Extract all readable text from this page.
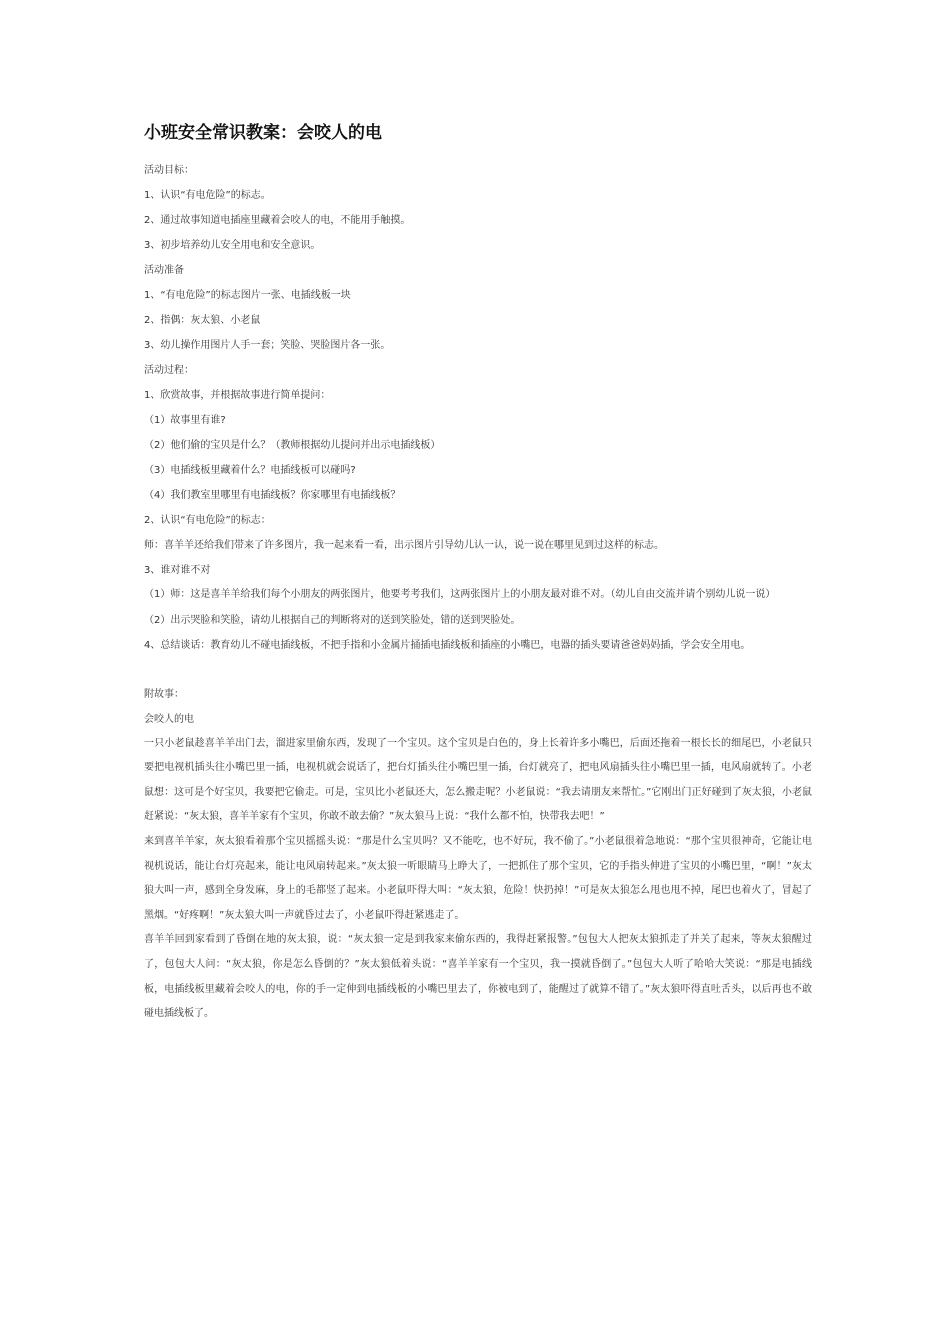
小班安全常识教案：会咬人的电
活动目标：
1、认识“有电危险”的标志。
2、通过故事知道电插座里藏着会咬人的电，不能用手触摸。
3、初步培养幼儿安全用电和安全意识。
活动准备
1、“有电危险”的标志图片一张、电插线板一块
2、指偶：灰太狼、小老鼠
3、幼儿操作用图片人手一套；笑脸、哭脸图片各一张。
活动过程：
1、欣赏故事，并根据故事进行简单提问：
（1）故事里有谁?
（2）他们偷的宝贝是什么？（教师根据幼儿提问并出示电插线板）
（3）电插线板里藏着什么？电插线板可以碰吗?
（4）我们教室里哪里有电插线板？你家哪里有电插线板？
2、认识“有电危险”的标志：
师：喜羊羊还给我们带来了许多图片，我一起来看一看，出示图片引导幼儿认一认，说一说在哪里见到过这样的标志。
3、谁对谁不对
（1）师：这是喜羊羊给我们每个小朋友的两张图片，他要考考我们，这两张图片上的小朋友最对谁不对。（幼儿自由交流并请个别幼儿说一说）
（2）出示哭脸和笑脸，请幼儿根据自己的判断将对的送到笑脸处，错的送到哭脸处。
4、总结谈话：教育幼儿不碰电插线板，不把手指和小金属片捅插电插线板和插座的小嘴巴，电器的插头要请爸爸妈妈插，学会安全用电。
附故事：
会咬人的电
一只小老鼠趁喜羊羊出门去，溜进家里偷东西，发现了一个宝贝。这个宝贝是白色的，身上长着许多小嘴巴，后面还拖着一根长长的细尾巴，小老鼠只要把电视机插头往小嘴巴里一插，电视机就会说话了，把台灯插头往小嘴巴里一插，台灯就亮了，把电风扇插头往小嘴巴里一插，电风扇就转了。小老鼠想：这可是个好宝贝，我要把它偷走。可是，宝贝比小老鼠还大，怎么搬走呢？小老鼠说：“我去请朋友来帮忙。”它刚出门正好碰到了灰太狼，小老鼠赶紧说：“灰太狼，喜羊羊家有个宝贝，你敢不敢去偷？”灰太狼马上说：“我什么都不怕，快带我去吧！”
来到喜羊羊家，灰太狼看着那个宝贝摇摇头说：“那是什么宝贝吗？又不能吃，也不好玩，我不偷了。”小老鼠很着急地说：“那个宝贝很神奇，它能让电视机说话，能让台灯亮起来，能让电风扇转起来。”灰太狼一听眼睛马上睁大了，一把抓住了那个宝贝，它的手指头伸进了宝贝的小嘴巴里，“啊！”灰太狼大叫一声，感到全身发麻，身上的毛都竖了起来。小老鼠吓得大叫：“灰太狼，危险！快扔掉！”可是灰太狼怎么甩也甩不掉，尾巴也着火了，冒起了黑烟。“好疼啊！”灰太狼大叫一声就昏过去了，小老鼠吓得赶紧逃走了。
喜羊羊回到家看到了昏倒在地的灰太狼，说：“灰太狼一定是到我家来偷东西的，我得赶紧报警。”包包大人把灰太狼抓走了并关了起来，等灰太狼醒过了，包包大人问：“灰太狼，你是怎么昏倒的？”灰太狼低着头说：“喜羊羊家有一个宝贝，我一摸就昏倒了。”包包大人听了哈哈大笑说：“那是电插线板，电插线板里藏着会咬人的电，你的手一定伸到电插线板的小嘴巴里去了，你被电到了，能醒过了就算不错了。”灰太狼吓得直吐舌头，以后再也不敢碰电插线板了。
